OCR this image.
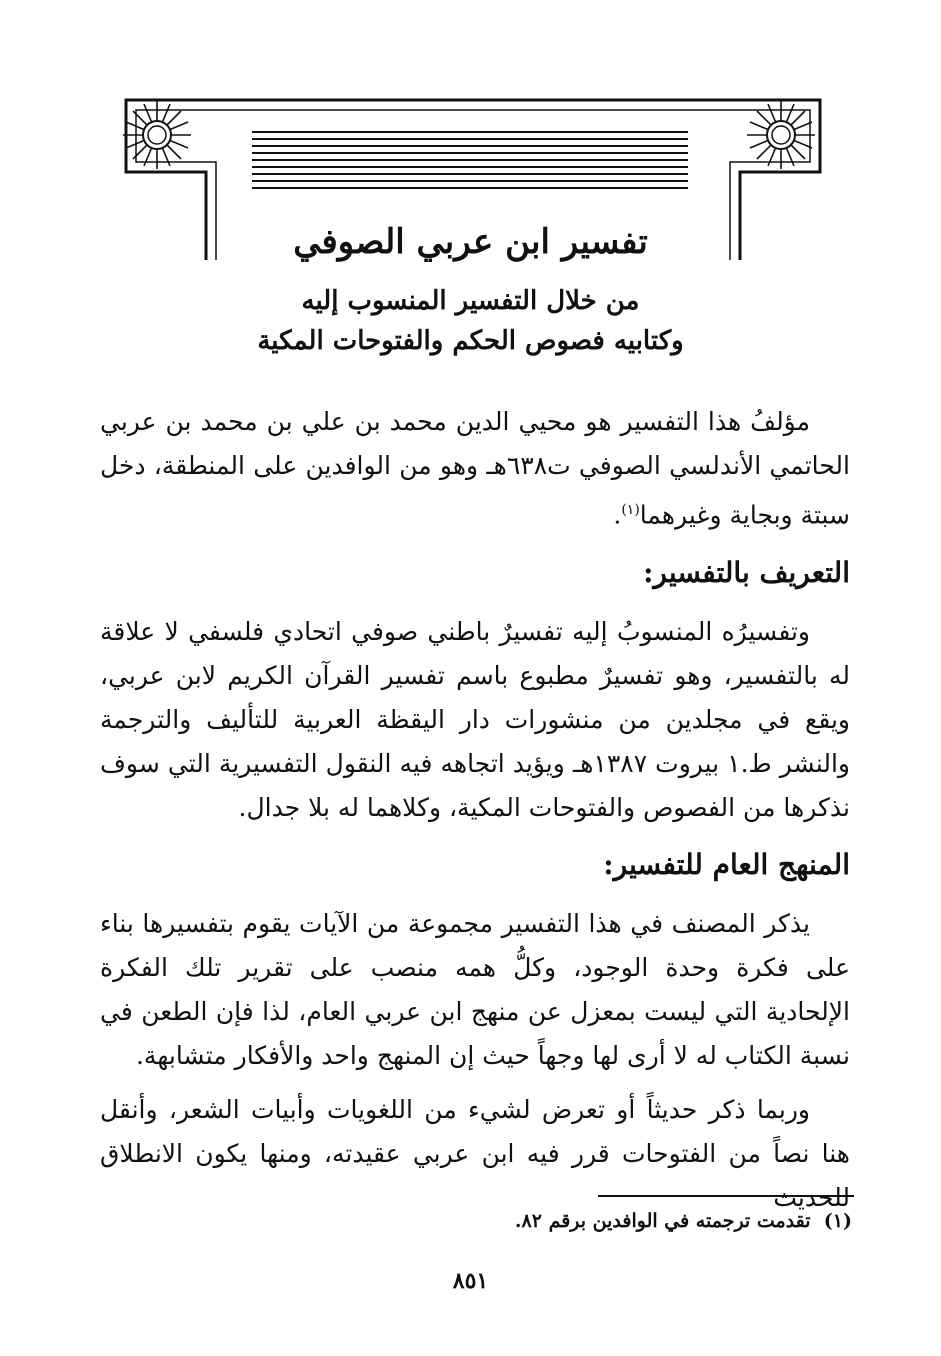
تفسير ابن عربي الصوفي
من خلال التفسير المنسوب إليه
وكتابيه فصوص الحكم والفتوحات المكية

مؤلفُ هذا التفسير هو محيي الدين محمد بن علي بن محمد بن عربي الحاتمي الأندلسي الصوفي ت٦٣٨هـ وهو من الوافدين على المنطقة، دخل سبتة وبجاية وغيرهما$^{(١)}$.

التعريف بالتفسير:

وتفسيرُه المنسوبُ إليه تفسيرٌ باطني صوفي اتحادي فلسفي لا علاقة له بالتفسير، وهو تفسيرٌ مطبوع باسم تفسير القرآن الكريم لابن عربي، ويقع في مجلدين من منشورات دار اليقظة العربية للتأليف والترجمة والنشر ط.١ بيروت ١٣٨٧هـ ويؤيد اتجاهه فيه النقول التفسيرية التي سوف نذكرها من الفصوص والفتوحات المكية، وكلاهما له بلا جدال.

المنهج العام للتفسير:

يذكر المصنف في هذا التفسير مجموعة من الآيات يقوم بتفسيرها بناء على فكرة وحدة الوجود، وكلُّ همه منصب على تقرير تلك الفكرة الإلحادية التي ليست بمعزل عن منهج ابن عربي العام، لذا فإن الطعن في نسبة الكتاب له لا أرى لها وجهاً حيث إن المنهج واحد والأفكار متشابهة.

وربما ذكر حديثاً أو تعرض لشيء من اللغويات وأبيات الشعر، وأنقل هنا نصاً من الفتوحات قرر فيه ابن عربي عقيدته، ومنها يكون الانطلاق للحديث

(١)  تقدمت ترجمته في الوافدين برقم ٨٢.

٨٥١
